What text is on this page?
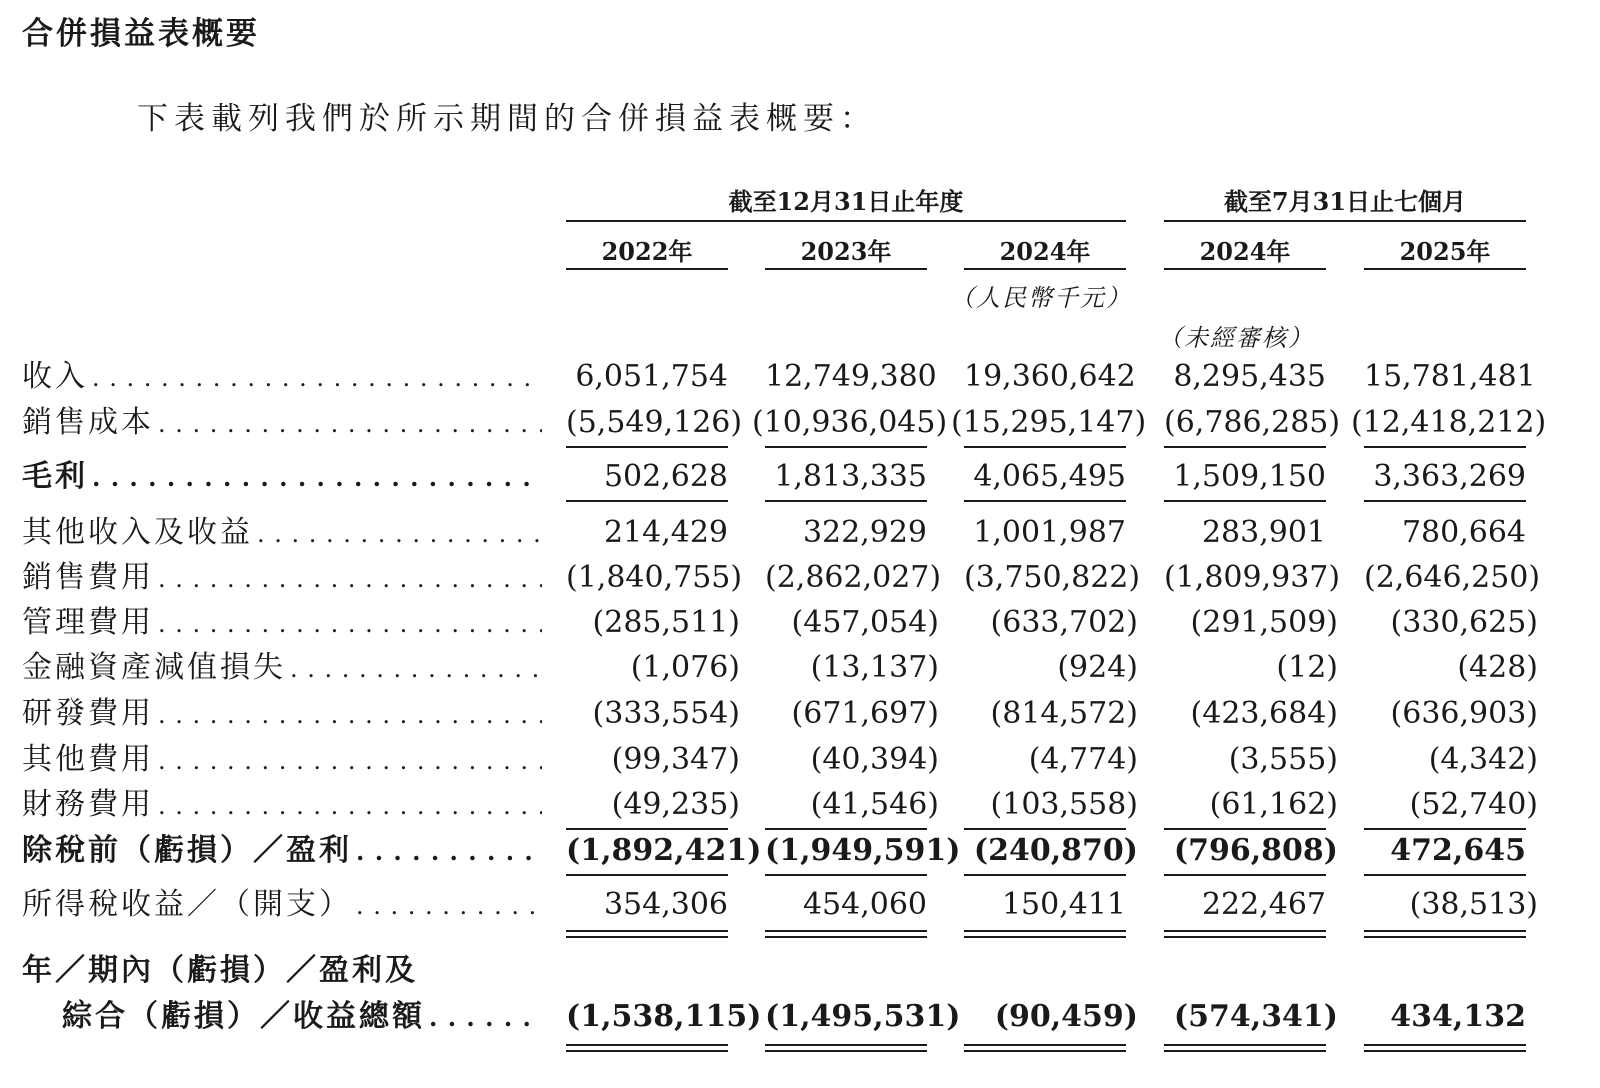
合併損益表概要
下表載列我們於所示期間的合併損益表概要：
截至12月31日止年度	截至7月31日止七個月
2022年	2023年	2024年	2024年	2025年
（人民幣千元）
（未經審核）
收入 . . .	6,051,754 12,749,380 19,360,642	8,295,435 15,781,481
銷售成本 . . .	(5,549,126) (10,936,045) (15,295,147) (6,786,285) (12,418,212)
毛利 . . .	502,628	1,813,335	4,065,495	1,509,150	3,363,269
其他收入及收益 . . .	214,429	322,929	1,001,987	283,901	780,664
銷售費用 . . .	(1,840,755) (2,862,027) (3,750,822) (1,809,937) (2,646,250)
管理費用 . . .	(285,511)	(457,054)	(633,702)	(291,509)	(330,625)
金融資產減值損失 . . .	(1,076)	(13,137)	(924)	(12)	(428)
研發費用 . . .	(333,554)	(671,697)	(814,572)	(423,684)	(636,903)
其他費用 . . .	(99,347)	(40,394)	(4,774)	(3,555)	(4,342)
財務費用 . . .	(49,235)	(41,546)	(103,558)	(61,162)	(52,740)
除稅前（虧損）／盈利 . . .	(1,892,421) (1,949,591) (240,870)	(796,808)	472,645
所得稅收益／（開支） . . .	354,306	454,060	150,411	222,467	(38,513)
年／期內（虧損）／盈利及
綜合（虧損）／收益總額 . . .	(1,538,115) (1,495,531)	(90,459)	(574,341)	434,132
